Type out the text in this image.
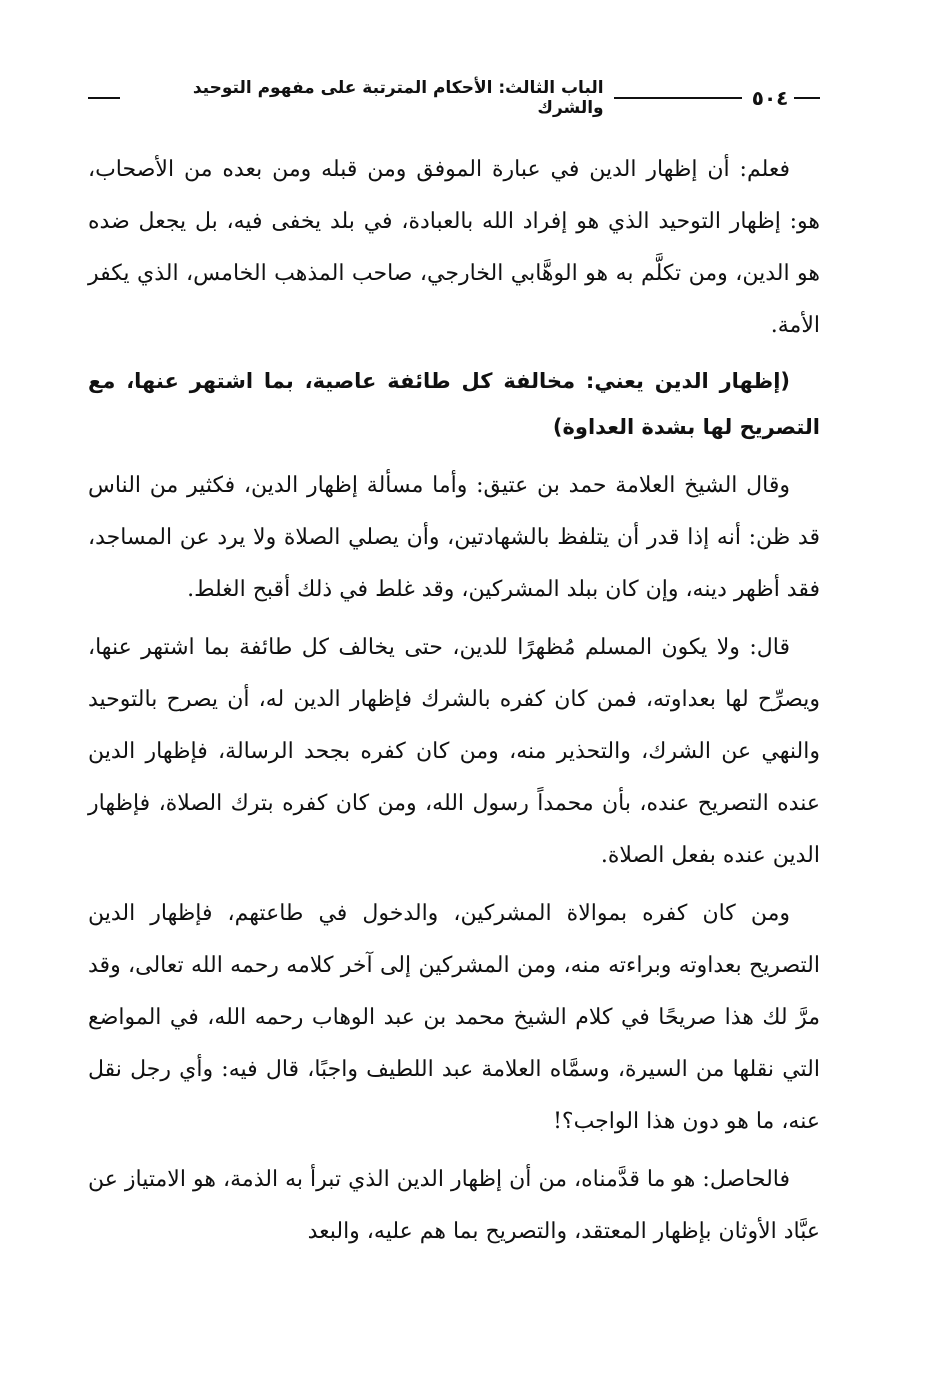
٥٠٤
الباب الثالث: الأحكام المترتبة على مفهوم التوحيد والشرك

فعلم: أن إظهار الدين في عبارة الموفق ومن قبله ومن بعده من الأصحاب، هو: إظهار التوحيد الذي هو إفراد الله بالعبادة، في بلد يخفى فيه، بل يجعل ضده هو الدين، ومن تكلَّم به هو الوهَّابي الخارجي، صاحب المذهب الخامس، الذي يكفر الأمة.

(إظهار الدين يعني: مخالفة كل طائفة عاصية، بما اشتهر عنها، مع التصريح لها بشدة العداوة)

وقال الشيخ العلامة حمد بن عتيق: وأما مسألة إظهار الدين، فكثير من الناس قد ظن: أنه إذا قدر أن يتلفظ بالشهادتين، وأن يصلي الصلاة ولا يرد عن المساجد، فقد أظهر دينه، وإن كان ببلد المشركين، وقد غلط في ذلك أقبح الغلط.

قال: ولا يكون المسلم مُظهرًا للدين، حتى يخالف كل طائفة بما اشتهر عنها، ويصرِّح لها بعداوته، فمن كان كفره بالشرك فإظهار الدين له، أن يصرح بالتوحيد والنهي عن الشرك، والتحذير منه، ومن كان كفره بجحد الرسالة، فإظهار الدين عنده التصريح عنده، بأن محمداً رسول الله، ومن كان كفره بترك الصلاة، فإظهار الدين عنده بفعل الصلاة.

ومن كان كفره بموالاة المشركين، والدخول في طاعتهم، فإظهار الدين التصريح بعداوته وبراءته منه، ومن المشركين إلى آخر كلامه رحمه الله تعالى، وقد مرَّ لك هذا صريحًا في كلام الشيخ محمد بن عبد الوهاب رحمه الله، في المواضع التي نقلها من السيرة، وسمَّاه العلامة عبد اللطيف واجبًا، قال فيه: وأي رجل نقل عنه، ما هو دون هذا الواجب؟!

فالحاصل: هو ما قدَّمناه، من أن إظهار الدين الذي تبرأ به الذمة، هو الامتياز عن عبَّاد الأوثان بإظهار المعتقد، والتصريح بما هم عليه، والبعد
